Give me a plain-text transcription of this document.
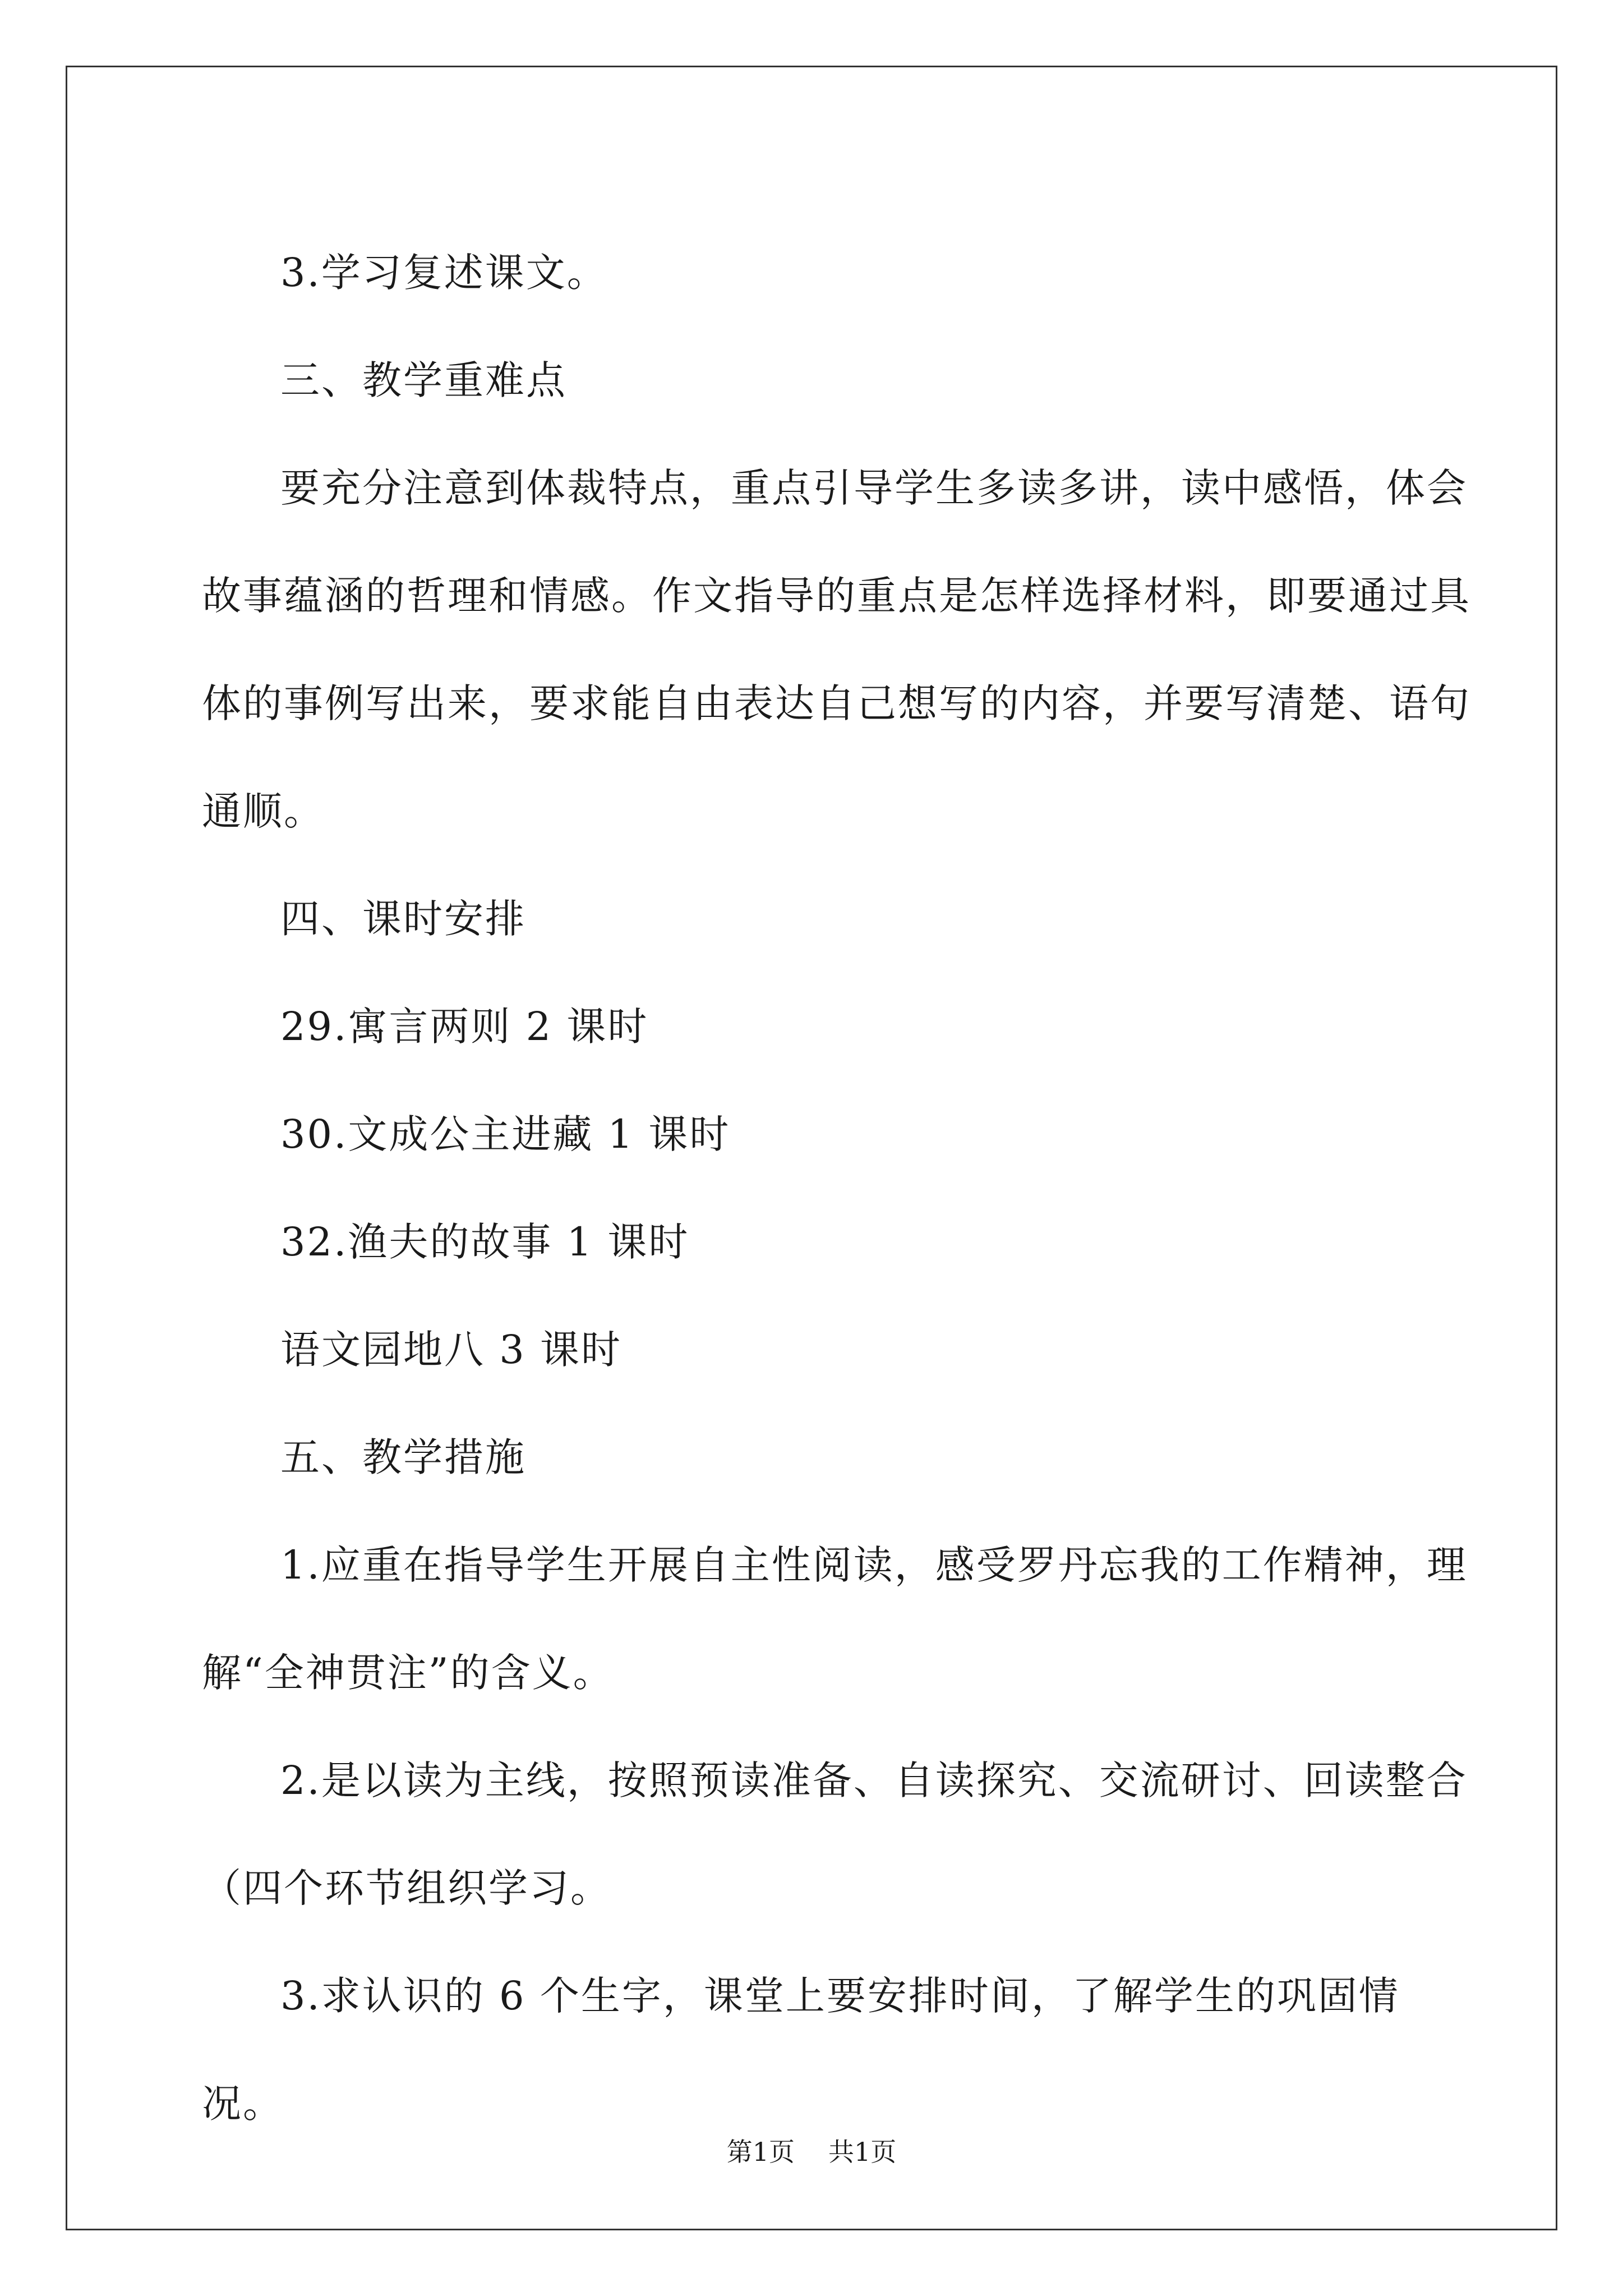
3.学习复述课文。

三、教学重难点

要充分注意到体裁特点，重点引导学生多读多讲，读中感悟，体会故事蕴涵的哲理和情感。作文指导的重点是怎样选择材料，即要通过具体的事例写出来，要求能自由表达自己想写的内容，并要写清楚、语句通顺。

四、课时安排

29.寓言两则 2 课时

30.文成公主进藏 1 课时

32.渔夫的故事 1 课时

语文园地八 3 课时

五、教学措施

1.应重在指导学生开展自主性阅读，感受罗丹忘我的工作精神，理解“全神贯注”的含义。

2.是以读为主线，按照预读准备、自读探究、交流研讨、回读整合（四个环节组织学习。

3.求认识的 6 个生字，课堂上要安排时间，了解学生的巩固情况。

第1页 共1页
